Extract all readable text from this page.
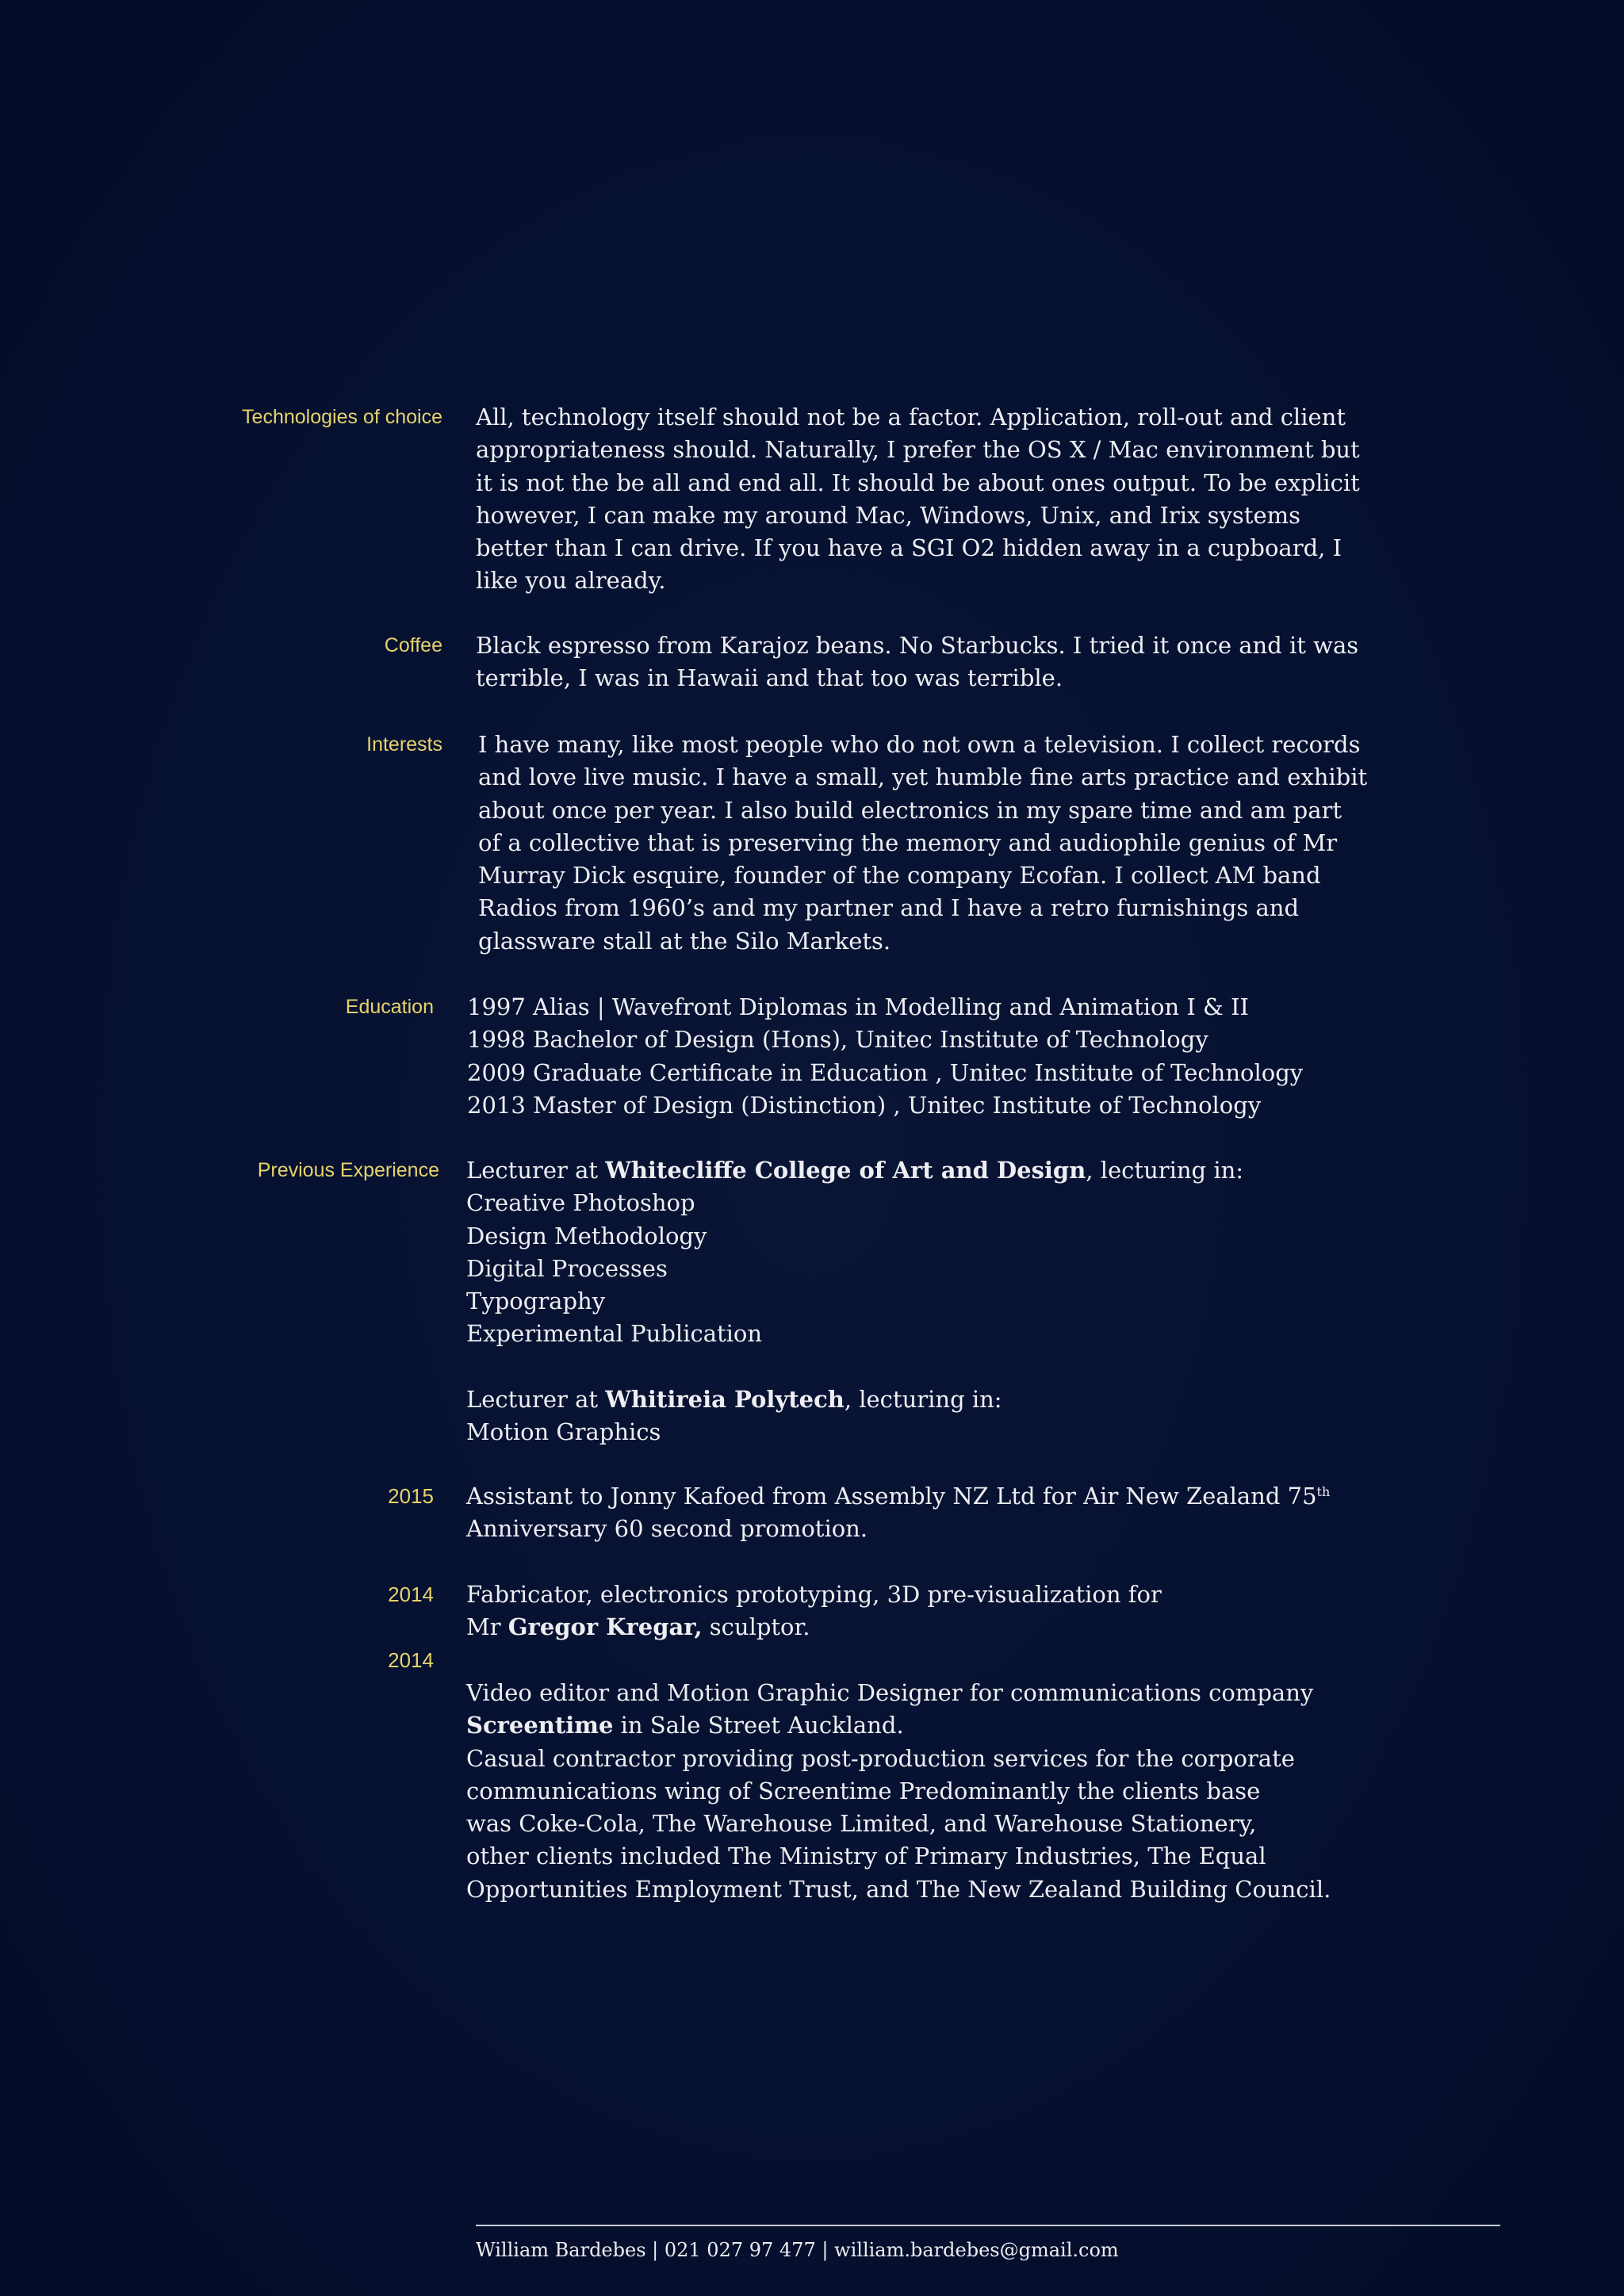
Technologies of choice All, technology itself should not be a factor. Application, roll-out and client
appropriateness should. Naturally, I prefer the OS X / Mac environment but
it is not the be all and end all. It should be about ones output. To be explicit
however, I can make my around Mac, Windows, Unix, and Irix systems
better than I can drive. If you have a SGI O2 hidden away in a cupboard, I
like you already.
Coffee Black espresso from Karajoz beans. No Starbucks. I tried it once and it was
terrible, I was in Hawaii and that too was terrible.
Interests I have many, like most people who do not own a television. I collect records
and love live music. I have a small, yet humble fine arts practice and exhibit
about once per year. I also build electronics in my spare time and am part
of a collective that is preserving the memory and audiophile genius of Mr
Murray Dick esquire, founder of the company Ecofan. I collect AM band
Radios from 1960’s and my partner and I have a retro furnishings and
glassware stall at the Silo Markets.
Education 1997 Alias | Wavefront Diplomas in Modelling and Animation I & II
1998 Bachelor of Design (Hons), Unitec Institute of Technology
2009 Graduate Certificate in Education , Unitec Institute of Technology
2013 Master of Design (Distinction) , Unitec Institute of Technology
Previous Experience Lecturer at Whitecliffe College of Art and Design, lecturing in:
Creative Photoshop
Design Methodology
Digital Processes
Typography
Experimental Publication
Lecturer at Whitireia Polytech, lecturing in:
Motion Graphics
2015 Assistant to Jonny Kafoed from Assembly NZ Ltd for Air New Zealand 75th
Anniversary 60 second promotion.
2014 Fabricator, electronics prototyping, 3D pre-visualization for
Mr Gregor Kregar, sculptor.
2014
Video editor and Motion Graphic Designer for communications company
Screentime in Sale Street Auckland.
Casual contractor providing post-production services for the corporate
communications wing of Screentime Predominantly the clients base
was Coke-Cola, The Warehouse Limited, and Warehouse Stationery,
other clients included The Ministry of Primary Industries, The Equal
Opportunities Employment Trust, and The New Zealand Building Council.
William Bardebes | 021 027 97 477 | william.bardebes@gmail.com
